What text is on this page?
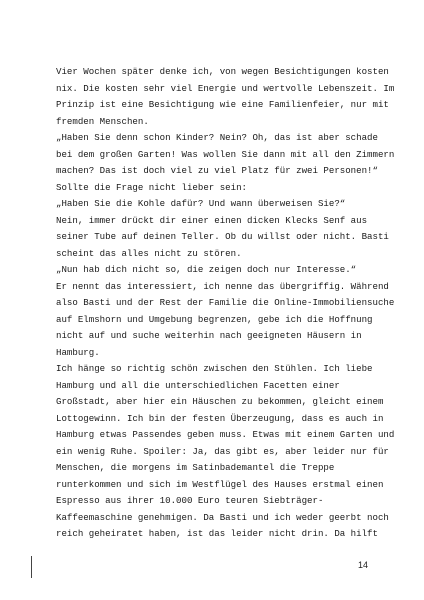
Vier Wochen später denke ich, von wegen Besichtigungen kosten
nix. Die kosten sehr viel Energie und wertvolle Lebenszeit. Im
Prinzip ist eine Besichtigung wie eine Familienfeier, nur mit
fremden Menschen.
„Haben Sie denn schon Kinder? Nein? Oh, das ist aber schade
bei dem großen Garten! Was wollen Sie dann mit all den Zimmern
machen? Das ist doch viel zu viel Platz für zwei Personen!“
Sollte die Frage nicht lieber sein:
„Haben Sie die Kohle dafür? Und wann überweisen Sie?“
Nein, immer drückt dir einer einen dicken Klecks Senf aus
seiner Tube auf deinen Teller. Ob du willst oder nicht. Basti
scheint das alles nicht zu stören.
„Nun hab dich nicht so, die zeigen doch nur Interesse.“
Er nennt das interessiert, ich nenne das übergriffig. Während
also Basti und der Rest der Familie die Online-Immobiliensuche
auf Elmshorn und Umgebung begrenzen, gebe ich die Hoffnung
nicht auf und suche weiterhin nach geeigneten Häusern in
Hamburg.
Ich hänge so richtig schön zwischen den Stühlen. Ich liebe
Hamburg und all die unterschiedlichen Facetten einer
Großstadt, aber hier ein Häuschen zu bekommen, gleicht einem
Lottogewinn. Ich bin der festen Überzeugung, dass es auch in
Hamburg etwas Passendes geben muss. Etwas mit einem Garten und
ein wenig Ruhe. Spoiler: Ja, das gibt es, aber leider nur für
Menschen, die morgens im Satinbademantel die Treppe
runterkommen und sich im Westflügel des Hauses erstmal einen
Espresso aus ihrer 10.000 Euro teuren Siebträger-
Kaffeemaschine genehmigen. Da Basti und ich weder geerbt noch
reich geheiratet haben, ist das leider nicht drin. Da hilft
14
